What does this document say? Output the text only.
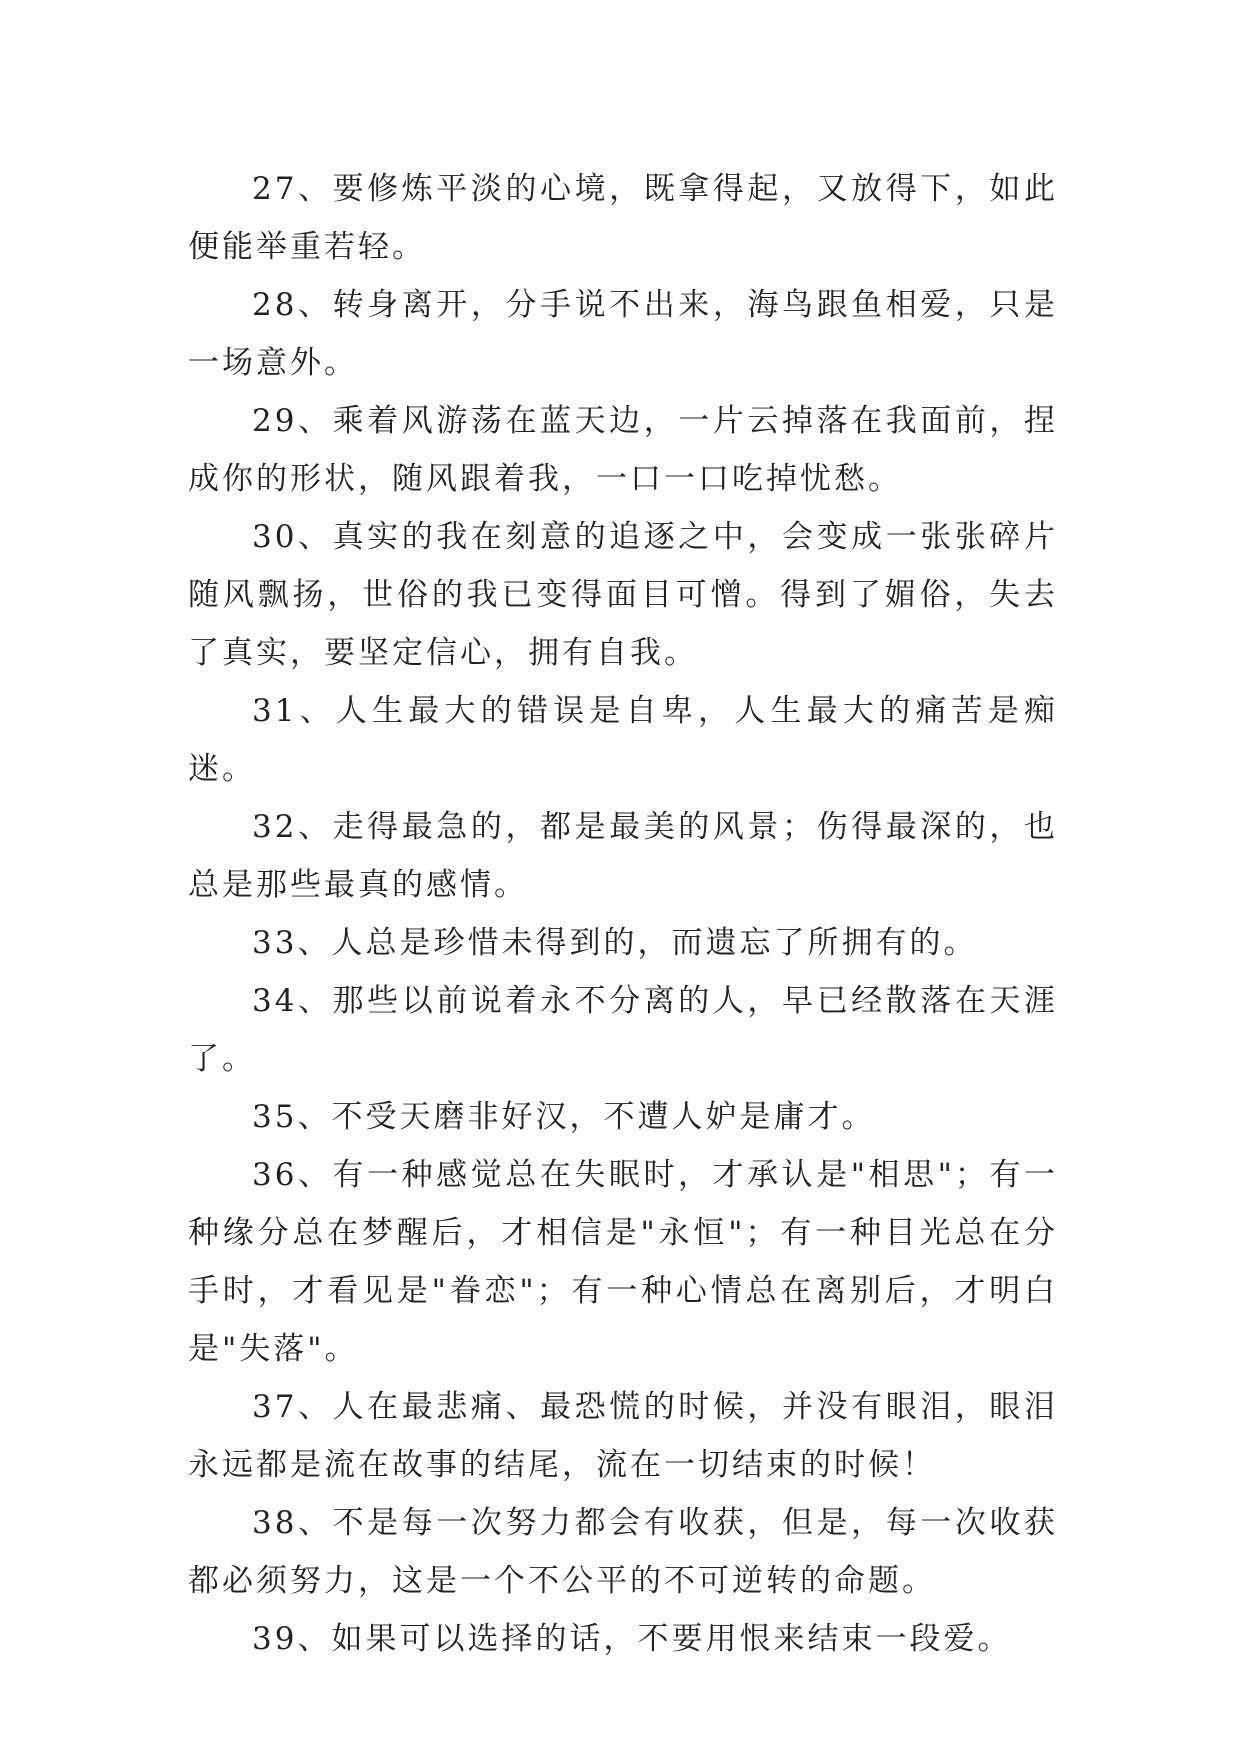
27、要修炼平淡的心境，既拿得起，又放得下，如此便能举重若轻。

28、转身离开，分手说不出来，海鸟跟鱼相爱，只是一场意外。

29、乘着风游荡在蓝天边，一片云掉落在我面前，捏成你的形状，随风跟着我，一口一口吃掉忧愁。

30、真实的我在刻意的追逐之中，会变成一张张碎片随风飘扬，世俗的我已变得面目可憎。得到了媚俗，失去了真实，要坚定信心，拥有自我。

31、人生最大的错误是自卑，人生最大的痛苦是痴迷。

32、走得最急的，都是最美的风景；伤得最深的，也总是那些最真的感情。

33、人总是珍惜未得到的，而遗忘了所拥有的。

34、那些以前说着永不分离的人，早已经散落在天涯了。

35、不受天磨非好汉，不遭人妒是庸才。

36、有一种感觉总在失眠时，才承认是"相思"；有一种缘分总在梦醒后，才相信是"永恒"；有一种目光总在分手时，才看见是"眷恋"；有一种心情总在离别后，才明白是"失落"。

37、人在最悲痛、最恐慌的时候，并没有眼泪，眼泪永远都是流在故事的结尾，流在一切结束的时候！

38、不是每一次努力都会有收获，但是，每一次收获都必须努力，这是一个不公平的不可逆转的命题。

39、如果可以选择的话，不要用恨来结束一段爱。
